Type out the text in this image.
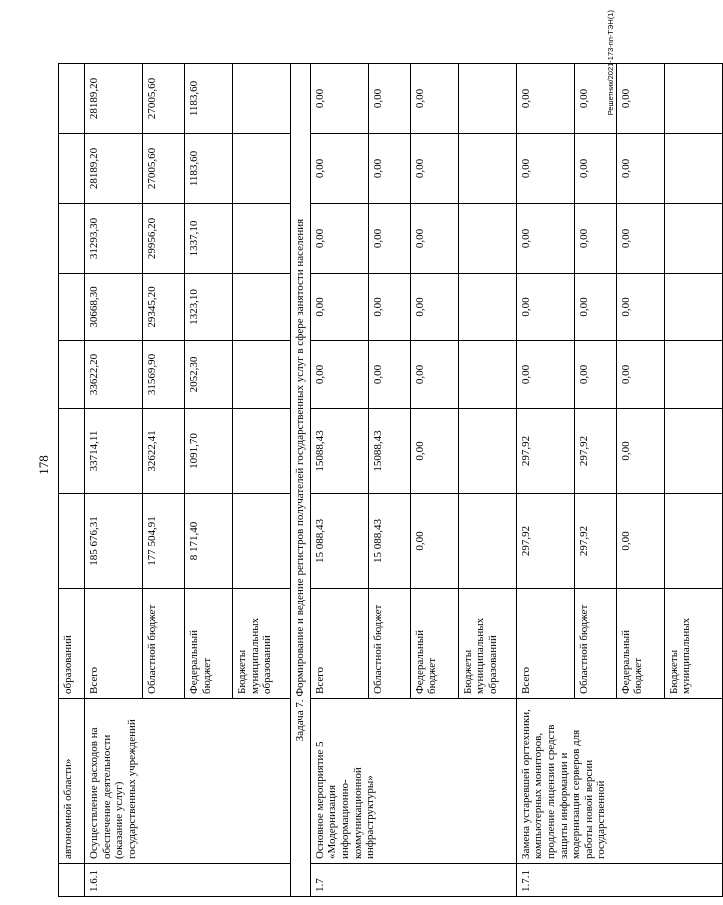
178
	автономной области»	образований							
1.6.1	Осуществление расходов на обеспечение деятельности (оказание услуг) государственных учреждений	Всего	185 676,31	33714,11	33622,20	30668,30	31293,30	28189,20	28189,20
		Областной бюджет	177 504,91	32622,41	31569,90	29345,20	29956,20	27005,60	27005,60
		Федеральный бюджет	8 171,40	1091,70	2052,30	1323,10	1337,10	1183,60	1183,60
		Бюджеты муниципальных образований							
Задача 7. Формирование и ведение регистров получателей государственных услуг в сфере занятости населения									
1.7	Основное мероприятие 5 «Модернизация информационно-коммуникационной инфраструктуры»	Всего	15 088,43	15088,43	0,00	0,00	0,00	0,00	0,00
		Областной бюджет	15 088,43	15088,43	0,00	0,00	0,00	0,00	0,00
		Федеральный бюджет	0,00	0,00	0,00	0,00	0,00	0,00	0,00
		Бюджеты муниципальных образований							
1.7.1	Замена устаревшей оргтехники, компьютерных мониторов, продление лицензии средств защиты информации и модернизация серверов для работы новой версии государственной	Всего	297,92	297,92	0,00	0,00	0,00	0,00	0,00
		Областной бюджет	297,92	297,92	0,00	0,00	0,00	0,00	0,00
		Федеральный бюджет	0,00	0,00	0,00	0,00	0,00	0,00	0,00
		Бюджеты муниципальных							
Решетник/2021-173-пп-ТЭН(1)
